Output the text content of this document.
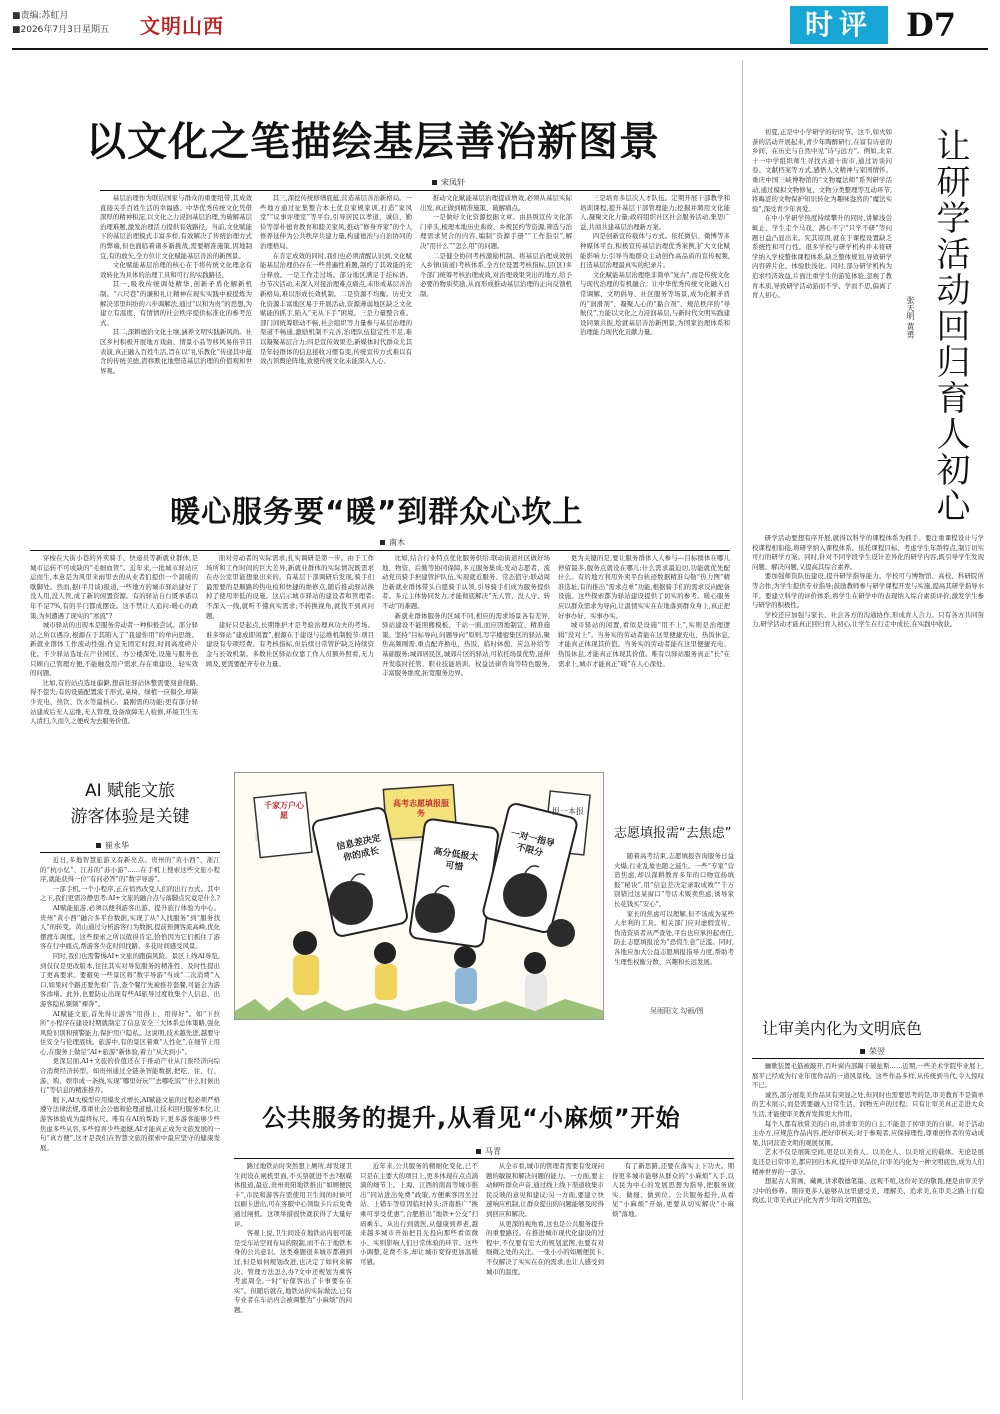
■责编:苏虹月
■2026年7月3日 星期五 文明山西	时评	D7
以文化之笔描绘基层善治新图景
宋凤轩

基层治理作为联结国家与群众的重要纽带,其成效直接关乎百姓生活的幸福感。中华优秀传统文化凭借深厚的精神积淀,以文化之力浸润基层治理,为破解基层治理难题,激发治理活力提供有效路径。当前,文化赋能下的基层治理模式丰富多样,有效解决了传统治理方式的弊端,但也面临着诸多新挑战,需要精准施策,因地制宜,有的放矢,全方位让文化赋能基层善治的新图景。

文化赋能基层治理的核心在于将传统文化理念有效转化为具体的治理工具和可行的实践路径。

其一,吸收传统调处精华,创新矛盾化解新机制。“六尺巷”的谦和礼让精神在现实实践中被提炼为解决邻里纠纷的六步调解法,通过“以和为贵”的思想,为建立有温度、有情情的社会秩序提供标准化的参考范式。

其二,深耕德治文化土壤,涵养文明实践新风尚。社区乡村积极开展地方戏曲、情景小品等移风易俗节目表演,真正融入百姓生活,旨在以“礼乐教化”传递其中蕴含的传统美德,潜移默化地塑造基层治理的价值观和世界观。

其三,深挖传统修缮底蕴,营造基层善治新格局。一些地方通过征集整合本土优良家规家训,打造“家风堂”“议事评理室”等平台,引导居民以孝道、诚信、勤俭等淳朴德育教育和睦美家风,推动“修身齐家”的个人修养延伸为公共秩序共建力量,构建德治与自治协同的治理格局。

在肯定成效的同时,我们也必须清醒认识到,文化赋能基层治理仍存在一些普遍性难题,制约了其效能的充分释放。一是工作走过场。部分地区满足于挂标语、办节次活动,未深入对接治理难点痛点,未形成基层善治新格局,难以形成长效机制。二是资源不均衡。历史文化资源丰富地区易于开展活动,资源薄弱地区缺乏文化赋能的抓手,陷入“无从下手”困境。三是力量整合难。部门间统筹联动不畅,社会组织等力量参与基层治理的渠道不畅通,激励机制不完善,治理队伍稳定性不足,难以凝聚基层合力;四是宣传效果差,新媒体时代群众尤其是年轻群体的信息接收习惯有变,传统宣传方式难以有效占领舆论阵地,致使传统文化未能深入人心。

推动文化赋能基层治理提质增效,必须从基层实际出发,真正做到精准施策、破解痛点。

一是做好文化资源挖掘文章。由县级宣传文化部门牵头,梳理本地历史典故、乡规民约等资源,筛选与治理需求契合的内容,编制“资源手册”“工作指引”,解决“用什么”“怎么用”的问题。

二是健全协同考核激励机制。将基层治理成效纳入乡镇(街道)考核体系,全方位设置考核指标,层(区)多个部门统筹考核治理成效,对治理效果突出的地方,给予必要的物质奖励,从而形成推动基层治理的正向反馈机制。

三是培育多层次人才队伍。定期开展干部教学和培训课程,提升基层干部管理能力;挖掘并聘用文化能人,凝聚文化力量;政府组织社区社会服务活动,集思广益,共商共建基层治理新方案。

四是创新宣传载体与方式。依托微信、微博等多种媒体平台,积极宣传基层治理优秀案例,扩大文化赋能影响力;引导当地群众主动创作高品质的宣传视频,打造基层治理最真实的纪录片。

文化赋能基层治理绝非简单“复古”,而是传统文化与现代治理的有机融合。让中华优秀传统文化融入日常调解、文明倡导、社区服务等场景,成为化解矛盾的“润滑剂”、凝聚人心的“黏合剂”、规范秩序的“导航仪”,方能以文化之力浸润基层,与新时代文明实践建设同频共振,绘就基层善治新图景,为国家治理体系和治理能力现代化贡献力量。

暖心服务要“暖”到群众心坎上
南木

穿梭在大街小巷的外卖骑手、快递员等新就业群体,是城市运转不可或缺的“毛细血管”。近年来,一批城市驿站应运而生,本意是为风里来雨里去的从业者们提供一个温暖的歇脚处。然而,据(半月谈)报道,一些地方的城市驿站建好了没人用,没人管,成了新的闲置资源。有的驿站自行既承诺以年不足7%,有的半门都成摆设。这不禁让人追问:暖心的政策,为何遭遇了现实的“寒流”?

城市驿站的出现本是服务劳动者一种积极尝试。部分驿站之所以遇冷,根源在于其陷入了“我建你用”的单向思维。新就业群体工作流动性强,作息无固定时段,时间高度碎片化。不少驿站选址在产业园区、办公楼深处,设施与服务也只顾自己管理方便,不能触及用户需求,存在重建设、轻实效的问题。

比如,有的站点选址偏僻,想前往驿站休整需要刻意绕路,得不偿失;有的设施配置流于形式,桌椅、绿植一应俱全,却缺少充电、热饮、饮水等最核心、最刚需的功能;更有部分驿站建成后无人运维,无人管理,设备故障无人检修,环境卫生无人清扫,久而久之便成为去服务价值。

面对劳动者的实际需求,扎实调研是第一步。由于工作场所和工作时间的巨大差异,新就业群体的实际情况既需求在办公室里能想象出来的。有基层干部调研后发现,骑手们最需要的是顺路的热电检和快捷的维修点,随后推动驿站换掉了使用率低的设施。这启示城市驿站的建设者和管理者:不深入一线,就听不懂真实需求;不转换视角,就找不到真问题。

建好只是起点,长期维护才是考验治理真功夫的考场。谁多驿站“建成即闲置”,根源在于建设与运维机制脱节:项目建设有专项经费、有考核指标,但后续日常管护缺乏持续资金与长效机制。多数社区驿站仅靠工作人员额外照看,无力顾及,更需要配齐专业力量。

比如,结合行业特点优化服务供给:联动街道社区做好场地、物资、后勤等协同保障,多元服务集成;发动志愿者、流动党员骑手担建管护队伍,实现就近服务、常态值守;联动周边新就业群体带头自愿骑手认领,引导骑手们成为服务提供者。多元主体协同发力,才能彻底解决“无人管、没人守、转不动”的难题。

新就业群体服务的区域不同,相应的需求场景各有差异,驿站建设不能照搬模板、千站一面,而应因地制宜、精准施策。坚持“目标导向,问题导向”原则,写字楼密集区的驿站,聚焦高频刚需,重点配齐换电、热饭、临时休憩、应急补给等基础服务;城郊居民区,城郊片区的驿站,可依托场景优势,延伸开发临时托管、职业技能培训、权益法律咨询等特色服务,丰富服务维度,拓宽服务边界。

更为关键的是,要让服务群体人人参与—目标群体在哪儿停留最多,服务点就设在哪儿;什么需求最迫切,功能就优先配什么。有的地方利用外卖平台轨迹数据精准勾勒“热力图”精准选址,有的推出“需求点单”功能,根据骑手们的需求反向配备设施。这些探索都为驿站建设提供了切实的参考。暖心服务应以群众需求为导向,让温情实实在在地落到群众身上,真正把好事办好、实事办实。

城市驿站的闲置,看似是设施“用不上”,实则是治理逻辑“没对上”。当务实的劳动者能在这里便捷充电、热饭休息,才能真正体现其价值。当务实的劳动者能在这里便捷充电、热饭休息,才能真正体现其价值。唯有以驿站服务真正“长”在需求上,城市才能真正“暖”在人心深处。

AI 赋能文旅
游客体验是关键
崔永华

近日,多地智慧旅游又有新亮点。贵州的“黄小西”、浙江的“杭小忆”、江苏的“苏小游”……在手机上搜索这些文旅小程序,就能获得一位“有问必答”的“数字导游”。

一部手机,一个小程序,正在悄然改变人们的出行方式。其中之下,我们更需冷静思考:AI+文旅的融合点与落脚点究竟是什么?

AI赋能旅游,必须以便利游客出游、提升旅行体验为中心。贵州“黄小西”融合多平台数据,实现了从“人找服务”到“服务找人”的转变。黄山通过分析游客行为数据,提前预测客流高峰,优化摆渡车调度。这些探索之所以值得肯定,恰恰因为它们抓住了游客在行中痛点,帮游客少花时间找路、多花时间感受风景。

同时,我们也需警惕AI+文旅的跑偏风险。景区上线AI导览,到仅仅是更改版本,往往其实对导览服务的精准性、及时性提出了更高要求。要避免一些景区将“数字导游”当成“二次消费”入口,如果问个路还要先看广告,查个餐厅先被推荐套餐,可能会为游客添堵。此外,也要防止出现有些AI旅导过度收集个人信息、出游客隐私频频“裸奔”。

AI赋能文旅,首先得让游客“用得上、用得好”。如“下拉所”小程序在建设时期就制定了信息安全三大体系总体策略,强化风险识别和预警能力,保护用户隐私。这说明,技术越先进,越要守住安全与伦理底线。旅游中,有的景区着重“人性化”,在细节上用心,在服务上做足“AI+旅游”新体验,着力“从大到小”。

更深层面,AI+文旅的价值还在于推动产业从门票经济向综合消费经济转型。如贵州通过全链条智能数据,把吃、住、行、游、购、娱串成一条线,实现“哪里好玩”“去哪吃饭”“什么时候出行”等信息的精准推荐。

眼下,AI大模型应用爆发式增长,AI赋能文旅的过程必须严格遵守法律法规,尊重社会公德和伦理道德,让技术回归服务本位,让游客体验成为最终标尺。唯有在AI的帮助下,更多游客能够少些焦虑多些从容,多些惊喜少些遗憾,AI才能真正成为文旅发展的一句“真方便”,这才是我们在智慧文旅的探索中最应坚守的健康发展。

千家万户心愿
高考志愿填报服务	报一本报
信息差决定你的成长	高分低报太可惜
一对一指导不限分
志愿填报需“去焦虑”

随着高考结束,志愿填报咨询服务日益火爆,行业乱象也随之滋生。一些“专家”营造焦虑,却以深耕教育多年的口吻宣扬填报“秘诀”,用“信息差决定录取成败”“千万别错过这某窗口”等话术贩卖焦虑,诱导家长花钱买“安心”。

家长的焦虑可以理解,但不该成为某些人牟利的工具。相关部门应对虚假宣传、伪造资质者从严查处,平台也应承担起责任,防止志愿填报沦为“恐慌生意”泛滥。同时,各地应加大公益志愿填报指导力度,帮助考生理性权衡分数、兴趣和长远发展。

吴雨阳文 勾画/图
公共服务的提升,从看见“小麻烦”开始
马青

路过地铁站时突然想上厕所,却发现卫生间设在闸机里面,不买票就进不去?据媒体报道,最近,贵州贵阳地铁推出“如厕便民卡”,市民和游客在需使用卫生间的时候可以刷卡进出,可在客服中心领取卡片后免费通过闸机。这项举措很快就获得了大量好评。

客观上说,卫生间设在地铁站内很可能是受车站空间布局的限制,而不在于地铁本身的公共意识。这类难题很多城市都遇到过,但是如何规划改进,也决定了如何来解决、管理方法怎么办?文中还规划为乘客考虑周全,一时“好傢客出了卡事要在在实”。但随后就在,地铁站的实际做法,已有专业者在车站内会被调整为“小麻烦”的问题。

近年来,公共服务的精细化变化,已不只是在主要大的项目上,更多体现在点点滴滴的细节上。上海、江西的南昌等城市推出“同站进出免费”政策,方便乘客因坐过站、上错车等原因临时掉头;济南推广“换乘可享受优惠”,合肥推出“地铁+公交”扫码乘车。从出行到就医,从健康到养老,越来越多城市开始把目光投向那些看似微小、实则影响人们日常体验的环节。这些小调整,花费不多,却让城市变得更加温暖可感。

从全市看,城市的管理者需要有发现问题的敏锐和解决问题的能力。一方面,要主动倾听群众声音,通过线上线下渠道收集市民反映的意见和建议;另一方面,要建立快速响应机制,让群众提出的问题能够及时得到回应和解决。

从更深的视角看,这也是公共服务提升的重要路径。在推进城市现代化建设的过程中,不仅要有宏大的规划蓝图,也要有对细微之处的关注。一张小小的如厕便民卡,不仅解决了实实在在的需求,也让人感受到城市的温度。

有了新思路,还要在落实上下功夫。期待更多城市能够从群众的“小麻烦”入手,以人民为中心的发展思想为指导,把服务做实、做细、做到位。公共服务提升,从看见“小麻烦”开始,更要从切实解决“小麻烦”落地。

让研学活动回归育人初心
张天明 黄勇

初夏,正是中小学研学的好时节。这不,如火如荼的活动开展起来,青少年陶醉研行,在富有诗意的乡间、在历史与自然中见“诗与远方”。例如,北京十一中学组织师生寻找古道十街市,通过访谈问卷、文献档案等方式,感悟人文精神与家国情怀。重庆中国三峡博物馆的“文物魔法师”系列研学活动,通过模拟文物修复、文物分类整理等互动环节,将晦涩的文物保护知识转化为趣味盎然的“魔法实验”,深受青少年喜爱。

在中小学研学热度持续攀升的同时,讲解浅尝辄止、学生走个马戏、满心不宁“只学不研”等问题日益凸显出来。究其原因,就在于课程设置缺乏系统性和可行性。很多学校与研学机构并未将研学纳入学校整体课程体系,缺乏整体规划,导致研学内容碎片化、体验肤浅化。同时,部分研学机构为追求经济效益,片面注重学生的游览体验,忽视了教育本质,导致研学活动游而不学、学而不思,偏离了育人初心。

研学活动要想有序开展,就得以科学的课程体系为抓手。要注重课程设计与学校课程相衔接,将研学纳入课程体系。依托课程目标、考虑学生年龄特点,制订切实可行的研学方案。同时,针对不同学段学生设计差异化的研学内容,既引导学生发现问题、解决问题,又提高其综合素养。

要加强师资队伍建设,提升研学指导能力。学校可与博物馆、高校、科研院所等合作,为学生提供专业指导;鼓励教师参与研学课程开发与实施,提高其研学指导水平。要建立科学的评价体系,将学生在研学中的表现纳入综合素质评价,激发学生参与研学的积极性。

学校还应加强与家长、社会各方的沟通协作,形成育人合力。只有各方共同努力,研学活动才能真正回归育人初心,让学生在行走中成长,在实践中收获。

让审美内化为文明底色
荣翌

骊歌装置毛筋被敲开,百叶窗内部踢干破扯斯……近期,一些美术学院毕业展上,展平已经成为行业年度作品的一道风景线。这些作品多样,从传统到当代,令人惊叹不已。

诚然,部分展览美作品具有突显之处,但同时也需要思考的是,审美教育不是简单的艺术展示,而是需要融入日常生活、润物无声的过程。只有让审美真正走进大众生活,才能使审美教育发挥更大作用。

每个人都有欣赏美的自由,讲求审美的自主,不能忽了掉审美的自律。对于活动主办方,应规范作品内容,把好审核关;对于参观者,应保持理性,尊重创作者的劳动成果,共同营造文明的观展氛围。

艺术不仅是展陈空间,更是以美育人、以美化人、以美培元的载体。无论是展览还是日常审美,都应回归本真,提升审美品位,让审美内化为一种文明底色,成为人们精神世界的一部分。

想起古人赏画、藏画,讲求敬德笔墨、远观不喧,这份对美的敬畏,便是由审美学习中的修养。期待更多人能够从这里感受美、理解美、追求美,在审美之路上行稳致远,让审美真正内化为青少年的文明底色。
